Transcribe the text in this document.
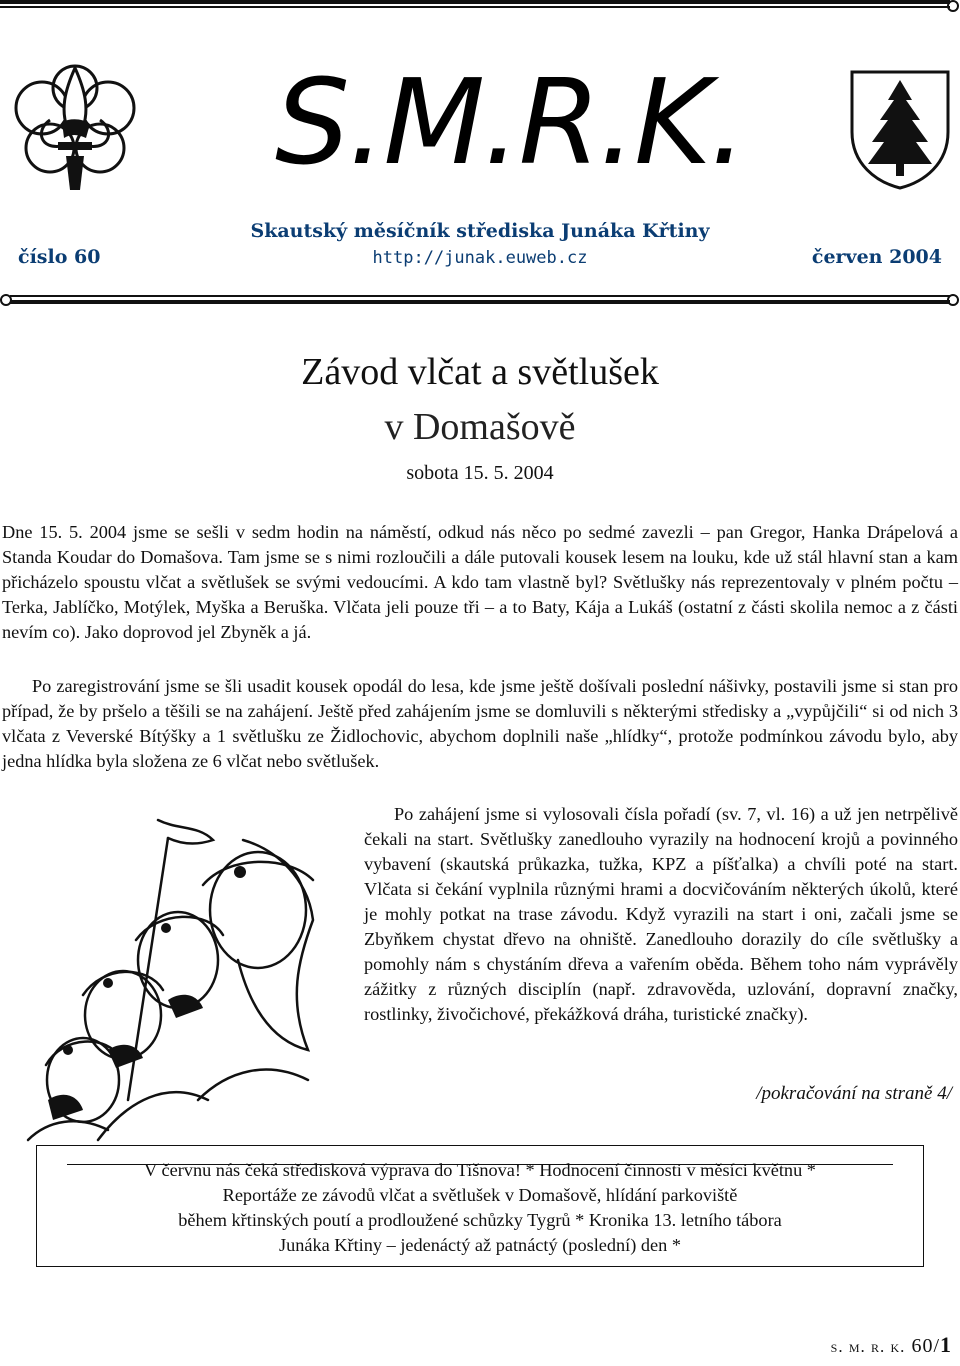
S.M.R.K.
Skautský měsíčník střediska Junáka Křtiny
číslo 60	http://junak.euweb.cz	červen 2004
Závod vlčat a světlušek
v Domašově
sobota 15. 5. 2004
Dne 15. 5. 2004 jsme se sešli v sedm hodin na náměstí, odkud nás něco po sedmé zavezli – pan Gregor, Hanka Drápelová a Standa Koudar do Domašova. Tam jsme se s nimi rozloučili a dále putovali kousek lesem na louku, kde už stál hlavní stan a kam přicházelo spoustu vlčat a světlušek se svými vedoucími. A kdo tam vlastně byl? Světlušky nás reprezentovaly v plném počtu – Terka, Jablíčko, Motýlek, Myška a Beruška. Vlčata jeli pouze tři – a to Baty, Kája a Lukáš (ostatní z části skolila nemoc a z části nevím co). Jako doprovod jel Zbyněk a já.
Po zaregistrování jsme se šli usadit kousek opodál do lesa, kde jsme ještě došívali poslední nášivky, postavili jsme si stan pro případ, že by pršelo a těšili se na zahájení. Ještě před zahájením jsme se domluvili s některými středisky a „vypůjčili“ si od nich 3 vlčata z Veverské Bítýšky a 1 světlušku ze Židlochovic, abychom doplnili naše „hlídky“, protože podmínkou závodu bylo, aby jedna hlídka byla složena ze 6 vlčat nebo světlušek.
Po zahájení jsme si vylosovali čísla pořadí (sv. 7, vl. 16) a už jen netrpělivě čekali na start. Světlušky zanedlouho vyrazily na hodnocení krojů a povinného vybavení (skautská průkazka, tužka, KPZ a píšťalka) a chvíli poté na start. Vlčata si čekání vyplnila různými hrami a docvičováním některých úkolů, které je mohly potkat na trase závodu. Když vyrazili na start i oni, začali jsme se Zbyňkem chystat dřevo na ohniště. Zanedlouho dorazily do cíle světlušky a pomohly nám s chystáním dřeva a vařením oběda. Během toho nám vyprávěly zážitky z různých disciplín (např. zdravověda, uzlování, dopravní značky, rostlinky, živočichové, překážková dráha, turistické značky).
/pokračování na straně 4/
V červnu nás čeká středisková výprava do Tišnova! * Hodnocení činnosti v měsíci květnu *
Reportáže ze závodů vlčat a světlušek v Domašově, hlídání parkoviště
během křtinských poutí a prodloužené schůzky Tygrů * Kronika 13. letního tábora
Junáka Křtiny – jedenáctý až patnáctý (poslední) den *
s. m. r. k. 60/1
